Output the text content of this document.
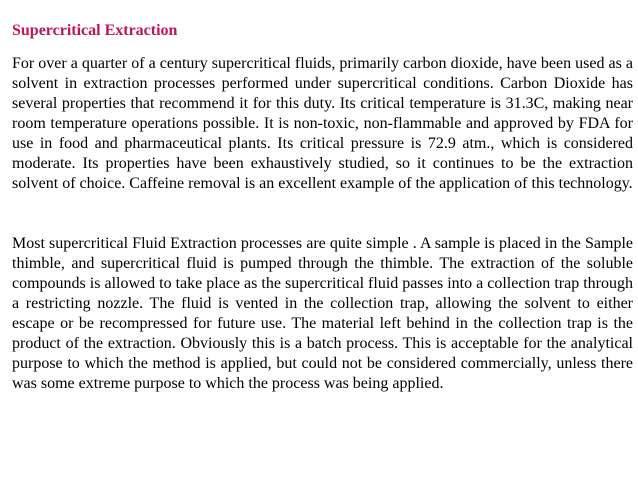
Supercritical Extraction

For over a quarter of a century supercritical fluids, primarily carbon dioxide, have been used as a solvent in extraction processes performed under supercritical conditions. Carbon Dioxide has several properties that recommend it for this duty. Its critical temperature is 31.3C, making near room temperature operations possible. It is non-toxic, non-flammable and approved by FDA for use in food and pharmaceutical plants. Its critical pressure is 72.9 atm., which is considered moderate. Its properties have been exhaustively studied, so it continues to be the extraction solvent of choice. Caffeine removal is an excellent example of the application of this technology.

Most supercritical Fluid Extraction processes are quite simple . A sample is placed in the Sample thimble, and supercritical fluid is pumped through the thimble. The extraction of the soluble compounds is allowed to take place as the supercritical fluid passes into a collection trap through a restricting nozzle. The fluid is vented in the collection trap, allowing the solvent to either escape or be recompressed for future use. The material left behind in the collection trap is the product of the extraction. Obviously this is a batch process. This is acceptable for the analytical purpose to which the method is applied, but could not be considered commercially, unless there was some extreme purpose to which the process was being applied.
